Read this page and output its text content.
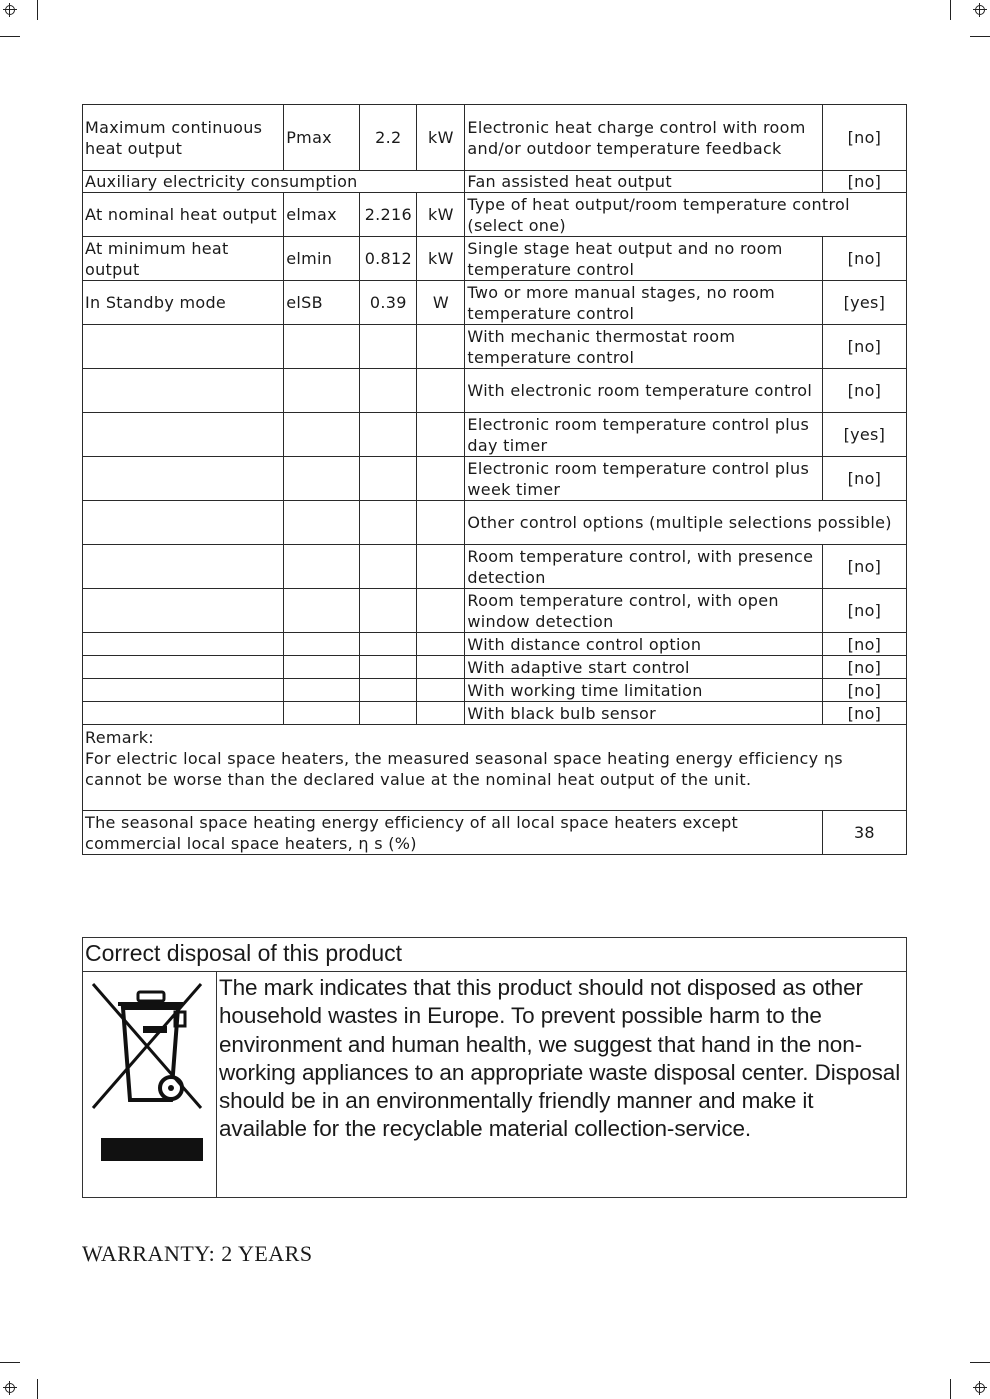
Maximum continuous heat output	Pmax	2.2	kW	Electronic heat charge control with room and/or outdoor temperature feedback	[no]
Auxiliary electricity consumption				Fan assisted heat output	[no]
At nominal heat output	elmax	2.216	kW	Type of heat output/room temperature control (select one)	
At minimum heat output	elmin	0.812	kW	Single stage heat output and no room temperature control	[no]
In Standby mode	elSB	0.39	W	Two or more manual stages, no room temperature control	[yes]
				With mechanic thermostat room temperature control	[no]
				With electronic room temperature control	[no]
				Electronic room temperature control plus day timer	[yes]
				Electronic room temperature control plus week timer	[no]
				Other control options (multiple selections possible)	
				Room temperature control, with presence detection	[no]
				Room temperature control, with open window detection	[no]
				With distance control option	[no]
				With adaptive start control	[no]
				With working time limitation	[no]
				With black bulb sensor	[no]

Remark:
For electric local space heaters, the measured seasonal space heating energy efficiency ηs cannot be worse than the declared value at the nominal heat output of the unit.					

The seasonal space heating energy efficiency of all local space heaters except commercial local space heaters, η s (%)					38
Correct disposal of this product
The mark indicates that this product should not disposed as other household wastes in Europe. To prevent possible harm to the environment and human health, we suggest that hand in the non-working appliances to an appropriate waste disposal center. Disposal should be in an environmentally friendly manner and make it available for the recyclable material collection-service.
WARRANTY: 2 YEARS
